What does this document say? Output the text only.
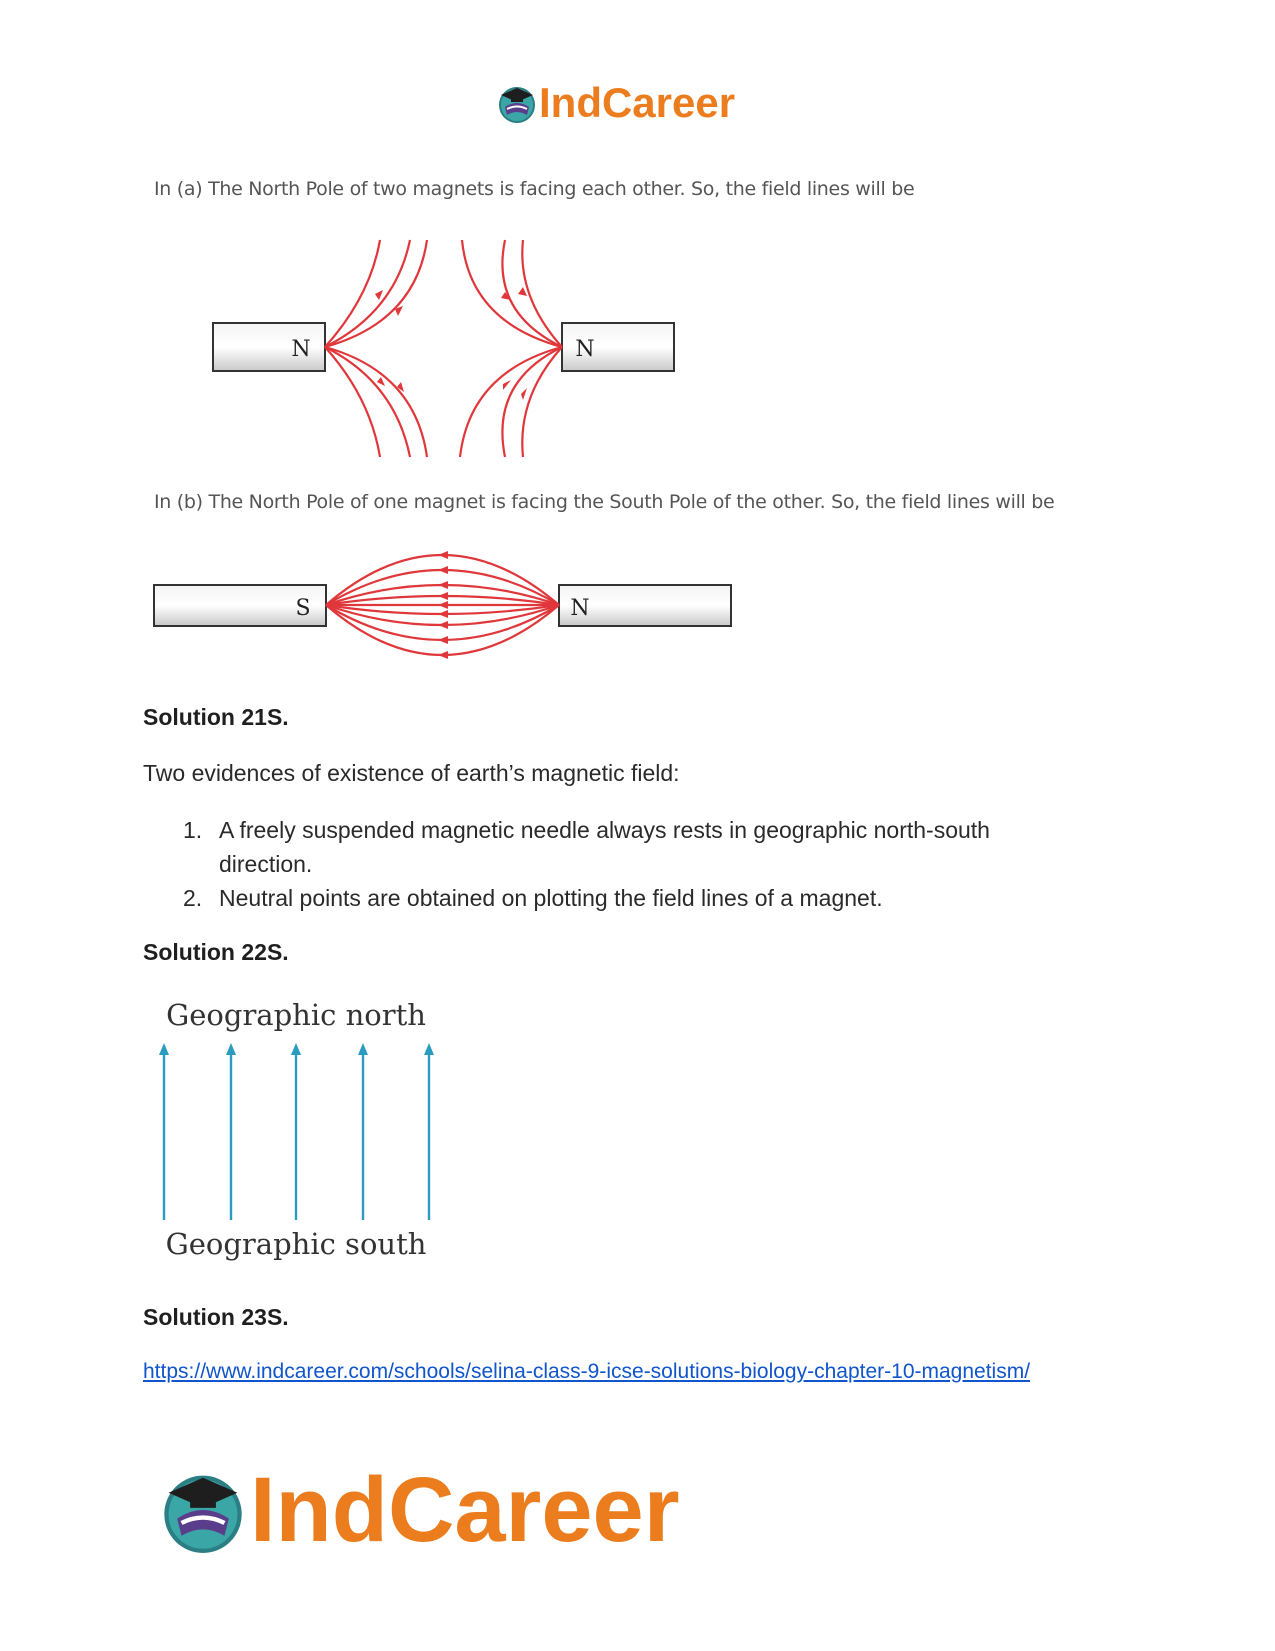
IndCareer
In (a) The North Pole of two magnets is facing each other. So, the field lines will be
N	N
In (b) The North Pole of one magnet is facing the South Pole of the other. So, the field lines will be
S	N
Solution 21S.
Two evidences of existence of earth’s magnetic field:
1. A freely suspended magnetic needle always rests in geographic north-south direction.
2. Neutral points are obtained on plotting the field lines of a magnet.
Solution 22S.
Geographic north
Geographic south
Solution 23S.
https://www.indcareer.com/schools/selina-class-9-icse-solutions-biology-chapter-10-magnetism/
IndCareer
